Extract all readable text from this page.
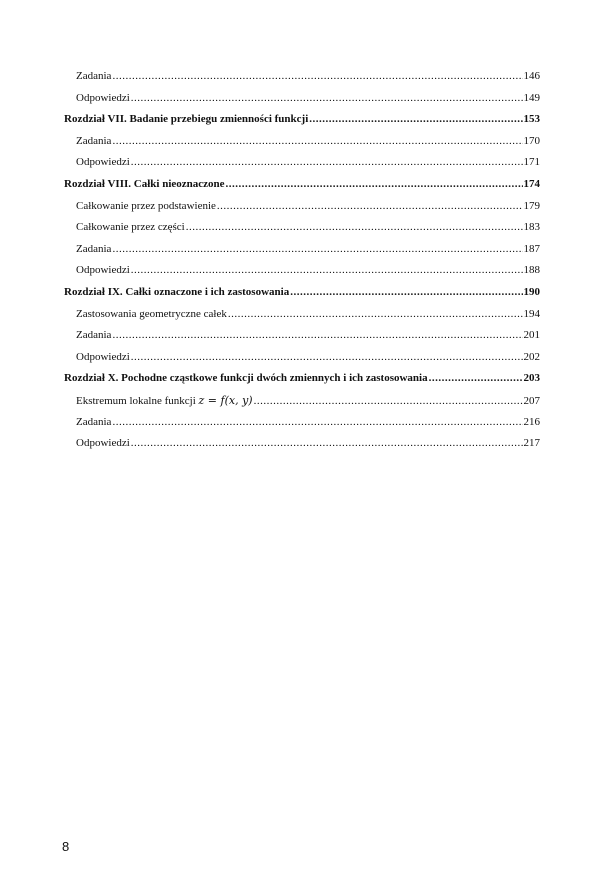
Zadania .....	146
Odpowiedzi .....	149
Rozdział VII. Badanie przebiegu zmienności funkcji .....	153
Zadania .....	170
Odpowiedzi .....	171
Rozdział VIII. Całki nieoznaczone .....	174
Całkowanie przez podstawienie .....	179
Całkowanie przez części .....	183
Zadania .....	187
Odpowiedzi .....	188
Rozdział IX. Całki oznaczone i ich zastosowania .....	190
Zastosowania geometryczne całek .....	194
Zadania .....	201
Odpowiedzi .....	202
Rozdział X. Pochodne cząstkowe funkcji dwóch zmiennych i ich zastosowania .....	203
Ekstremum lokalne funkcji z = f(x, y) .....	207
Zadania .....	216
Odpowiedzi .....	217
8
